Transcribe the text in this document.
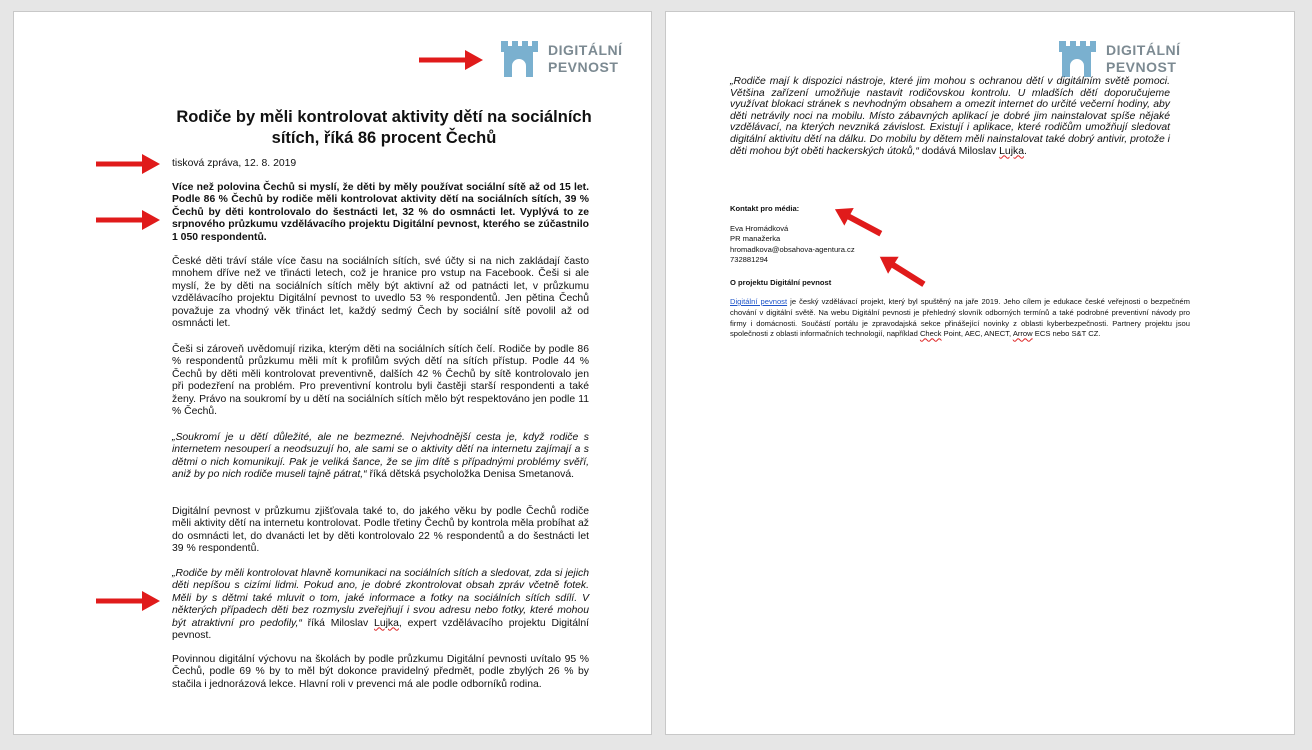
DIGITÁLNÍ
PEVNOST
Rodiče by měli kontrolovat aktivity dětí na sociálních sítích, říká 86 procent Čechů

tisková zpráva, 12. 8. 2019

Více než polovina Čechů si myslí, že děti by měly používat sociální sítě až od 15 let. Podle 86 % Čechů by rodiče měli kontrolovat aktivity dětí na sociálních sítích, 39 % Čechů by děti kontrolovalo do šestnácti let, 32 % do osmnácti let. Vyplývá to ze srpnového průzkumu vzdělávacího projektu Digitální pevnost, kterého se zúčastnilo 1 050 respondentů.

České děti tráví stále více času na sociálních sítích, své účty si na nich zakládají často mnohem dříve než ve třinácti letech, což je hranice pro vstup na Facebook. Češi si ale myslí, že by děti na sociálních sítích měly být aktivní až od patnácti let, v průzkumu vzdělávacího projektu Digitální pevnost to uvedlo 53 % respondentů. Jen pětina Čechů považuje za vhodný věk třináct let, každý sedmý Čech by sociální sítě povolil až od osmnácti let.

Češi si zároveň uvědomují rizika, kterým děti na sociálních sítích čelí. Rodiče by podle 86 % respondentů průzkumu měli mít k profilům svých dětí na sítích přístup. Podle 44 % Čechů by děti měli kontrolovat preventivně, dalších 42 % Čechů by sítě kontrolovalo jen při podezření na problém. Pro preventivní kontrolu byli častěji starší respondenti a také ženy. Právo na soukromí by u dětí na sociálních sítích mělo být respektováno jen podle 11 % Čechů.

„Soukromí je u dětí důležité, ale ne bezmezné. Nejvhodnější cesta je, když rodiče s internetem nesouperí a neodsuzují ho, ale sami se o aktivity dětí na internetu zajímají a s dětmi o nich komunikují. Pak je veliká šance, že se jim dítě s případnými problémy svěří, aniž by po nich rodiče museli tajně pátrat,“ říká dětská psycholožka Denisa Smetanová.

Digitální pevnost v průzkumu zjišťovala také to, do jakého věku by podle Čechů rodiče měli aktivity dětí na internetu kontrolovat. Podle třetiny Čechů by kontrola měla probíhat až do osmnácti let, do dvanácti let by děti kontrolovalo 22 % respondentů a do šestnácti let 39 % respondentů.

„Rodiče by měli kontrolovat hlavně komunikaci na sociálních sítích a sledovat, zda si jejich děti nepíšou s cizími lidmi. Pokud ano, je dobré zkontrolovat obsah zpráv včetně fotek. Měli by s dětmi také mluvit o tom, jaké informace a fotky na sociálních sítích sdílí. V některých případech děti bez rozmyslu zveřejňují i svou adresu nebo fotky, které mohou být atraktivní pro pedofily,“ říká Miloslav Lujka, expert vzdělávacího projektu Digitální pevnost.

Povinnou digitální výchovu na školách by podle průzkumu Digitální pevnosti uvítalo 95 % Čechů, podle 69 % by to měl být dokonce pravidelný předmět, podle zbylých 26 % by stačila i jednorázová lekce. Hlavní roli v prevenci má ale podle odborníků rodina.

DIGITÁLNÍ
PEVNOST

„Rodiče mají k dispozici nástroje, které jim mohou s ochranou dětí v digitálním světě pomoci. Většina zařízení umožňuje nastavit rodičovskou kontrolu. U mladších dětí doporučujeme využívat blokaci stránek s nevhodným obsahem a omezit internet do určité večerní hodiny, aby děti netrávily noci na mobilu. Místo zábavných aplikací je dobré jim nainstalovat spíše nějaké vzdělávací, na kterých nevzniká závislost. Existují i aplikace, které rodičům umožňují sledovat digitální aktivitu dětí na dálku. Do mobilu by dětem měli nainstalovat také dobrý antivir, protože i děti mohou být oběti hackerských útoků,“ dodává Miloslav Lujka.

Kontakt pro média:

Eva Hromádková
PR manažerka
hromadkova@obsahova-agentura.cz
732881294

O projektu Digitální pevnost

Digitální pevnost je český vzdělávací projekt, který byl spuštěný na jaře 2019. Jeho cílem je edukace české veřejnosti o bezpečném chování v digitální světě. Na webu Digitální pevnosti je přehledný slovník odborných termínů a také podrobné preventivní návody pro firmy i domácnosti. Součástí portálu je zpravodajská sekce přinášející novinky z oblasti kyberbezpečnosti. Partnery projektu jsou společnosti z oblasti informačních technologií, například Check Point, AEC, ANECT, Arrow ECS nebo S&T CZ.
